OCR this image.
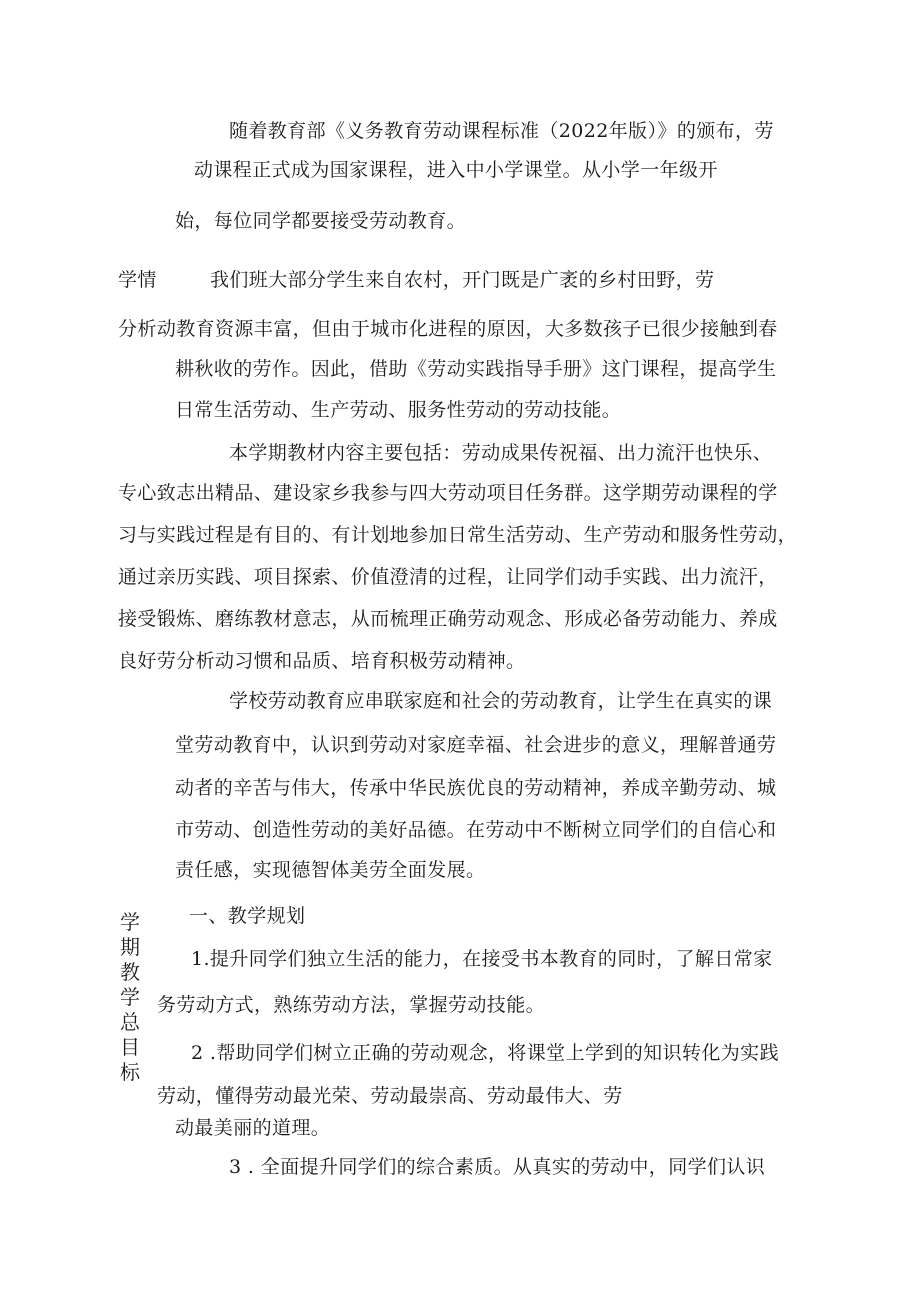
随着教育部《义务教育劳动课程标准（2022年版）》的颁布，劳
动课程正式成为国家课程，进入中小学课堂。从小学一年级开
始，每位同学都要接受劳动教育。
学情	我们班大部分学生来自农村，开门既是广袤的乡村田野，劳
分析动教育资源丰富，但由于城市化进程的原因，大多数孩子已很少接触到春
耕秋收的劳作。因此，借助《劳动实践指导手册》这门课程，提高学生
日常生活劳动、生产劳动、服务性劳动的劳动技能。
本学期教材内容主要包括：劳动成果传祝福、出力流汗也快乐、
专心致志出精品、建设家乡我参与四大劳动项目任务群。这学期劳动课程的学
习与实践过程是有目的、有计划地参加日常生活劳动、生产劳动和服务性劳动，
通过亲历实践、项目探索、价值澄清的过程，让同学们动手实践、出力流汗，
接受锻炼、磨练教材意志，从而梳理正确劳动观念、形成必备劳动能力、养成
良好劳分析动习惯和品质、培育积极劳动精神。
学校劳动教育应串联家庭和社会的劳动教育，让学生在真实的课
堂劳动教育中，认识到劳动对家庭幸福、社会进步的意义，理解普通劳
动者的辛苦与伟大，传承中华民族优良的劳动精神，养成辛勤劳动、城
市劳动、创造性劳动的美好品德。在劳动中不断树立同学们的自信心和
责任感，实现德智体美劳全面发展。
学期教学总目标
一、教学规划
1.提升同学们独立生活的能力，在接受书本教育的同时，了解日常家
务劳动方式，熟练劳动方法，掌握劳动技能。
2 .帮助同学们树立正确的劳动观念，将课堂上学到的知识转化为实践
劳动，懂得劳动最光荣、劳动最崇高、劳动最伟大、劳
动最美丽的道理。
3 . 全面提升同学们的综合素质。从真实的劳动中，同学们认识
